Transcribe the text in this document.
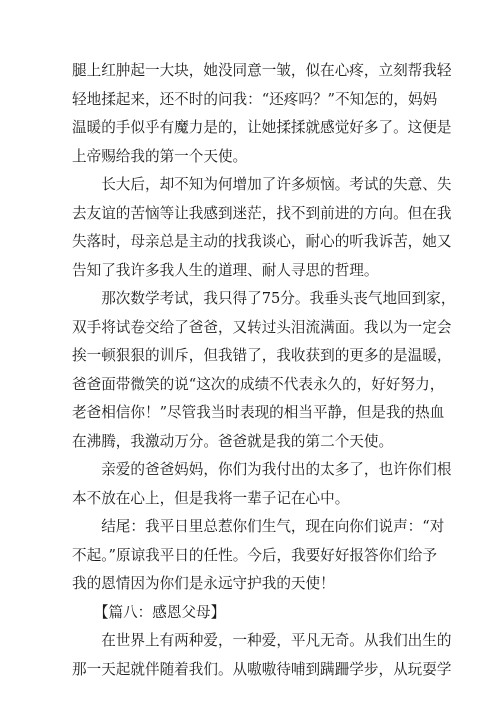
腿上红肿起一大块，她没同意一皱，似在心疼，立刻帮我轻
轻地揉起来，还不时的问我：“还疼吗？”不知怎的，妈妈
温暖的手似乎有魔力是的，让她揉揉就感觉好多了。这便是
上帝赐给我的第一个天使。
　　长大后，却不知为何增加了许多烦恼。考试的失意、失
去友谊的苦恼等让我感到迷茫，找不到前进的方向。但在我
失落时，母亲总是主动的找我谈心，耐心的听我诉苦，她又
告知了我许多我人生的道理、耐人寻思的哲理。
　　那次数学考试，我只得了75分。我垂头丧气地回到家，
双手将试卷交给了爸爸，又转过头泪流满面。我以为一定会
挨一顿狠狠的训斥，但我错了，我收获到的更多的是温暖，
爸爸面带微笑的说“这次的成绩不代表永久的，好好努力，
老爸相信你！”尽管我当时表现的相当平静，但是我的热血
在沸腾，我激动万分。爸爸就是我的第二个天使。
　　亲爱的爸爸妈妈，你们为我付出的太多了，也许你们根
本不放在心上，但是我将一辈子记在心中。
　　结尾：我平日里总惹你们生气，现在向你们说声：“对
不起。”原谅我平日的任性。今后，我要好好报答你们给予
我的恩情因为你们是永远守护我的天使！
　　【篇八：感恩父母】
　　在世界上有两种爱，一种爱，平凡无奇。从我们出生的
那一天起就伴随着我们。从嗷嗷待哺到蹒跚学步，从玩耍学
